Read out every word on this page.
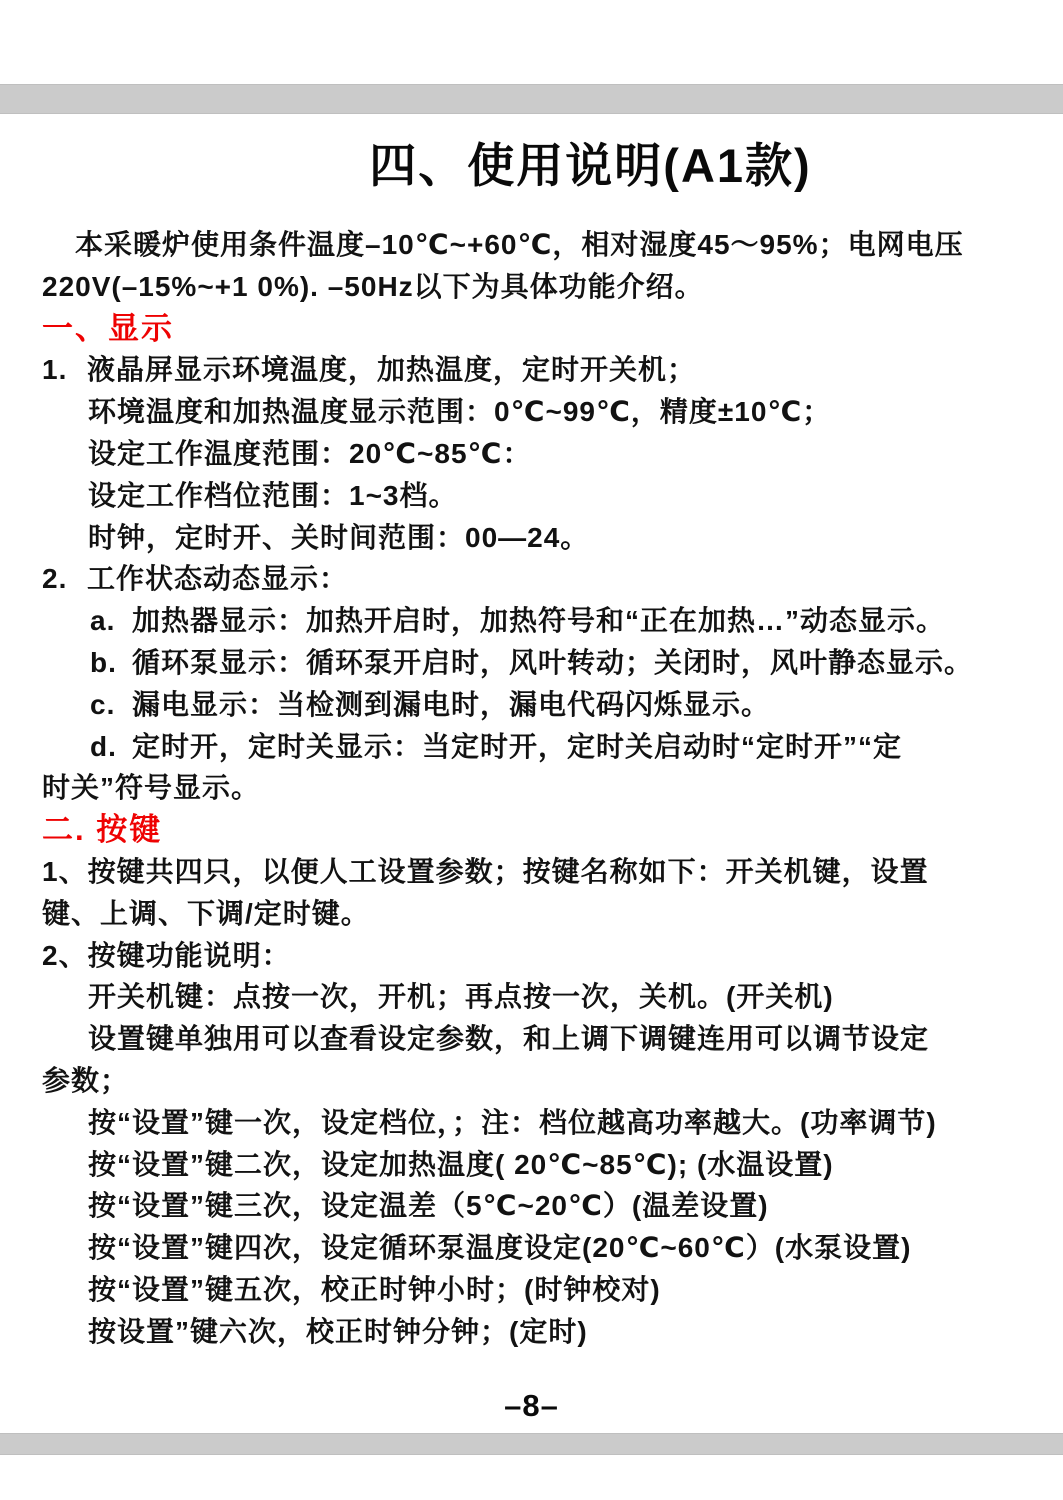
四、使用说明(A1款)

本采暖炉使用条件温度–10℃~+60℃，相对湿度45～95%；电网电压

220V(–15%~+1 0%). –50Hz以下为具体功能介绍。

一、显示

1. 液晶屏显示环境温度，加热温度，定时开关机；

环境温度和加热温度显示范围：0℃~99℃，精度±10℃；

设定工作温度范围：20℃~85℃：

设定工作档位范围：1~3档。

时钟，定时开、关时间范围：00—24。

2. 工作状态动态显示：

a. 加热器显示：加热开启时，加热符号和“正在加热…”动态显示。

b. 循环泵显示：循环泵开启时，风叶转动；关闭时，风叶静态显示。

c. 漏电显示：当检测到漏电时，漏电代码闪烁显示。

d. 定时开，定时关显示：当定时开，定时关启动时“定时开”“定

时关”符号显示。

二. 按键

1、按键共四只，以便人工设置参数；按键名称如下：开关机键，设置

键、上调、下调/定时键。

2、按键功能说明：

开关机键：点按一次，开机；再点按一次，关机。(开关机)

设置键单独用可以查看设定参数，和上调下调键连用可以调节设定

参数；

按“设置”键一次，设定档位，；注：档位越高功率越大。(功率调节)

按“设置”键二次，设定加热温度( 20℃~85℃); (水温设置)

按“设置”键三次，设定温差（5℃~20℃）(温差设置)

按“设置”键四次，设定循环泵温度设定(20℃~60℃）(水泵设置)

按“设置”键五次，校正时钟小时；(时钟校对)

按设置”键六次，校正时钟分钟；(定时)

–8–
